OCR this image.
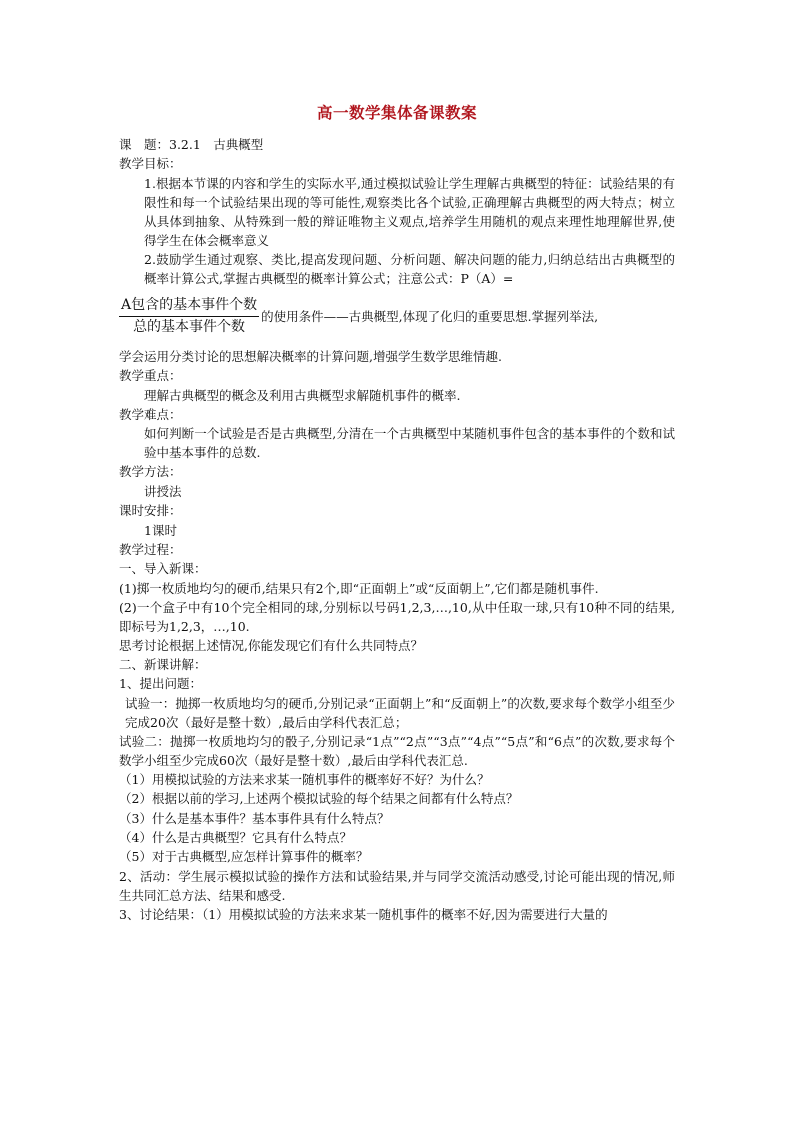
高一数学集体备课教案
课　题：3.2.1　古典概型
教学目标：
1.根据本节课的内容和学生的实际水平,通过模拟试验让学生理解古典概型的特征：试验结果的有限性和每一个试验结果出现的等可能性,观察类比各个试验,正确理解古典概型的两大特点；树立从具体到抽象、从特殊到一般的辩证唯物主义观点,培养学生用随机的观点来理性地理解世界,使得学生在体会概率意义
2.鼓励学生通过观察、类比,提高发现问题、分析问题、解决问题的能力,归纳总结出古典概型的概率计算公式,掌握古典概型的概率计算公式；注意公式：P（A）=
$\frac{\text{A包含的基本事件个数}}{\text{总的基本事件个数}}$ 的使用条件——古典概型,体现了化归的重要思想.掌握列举法,
学会运用分类讨论的思想解决概率的计算问题,增强学生数学思维情趣.
教学重点：
理解古典概型的概念及利用古典概型求解随机事件的概率.
教学难点：
如何判断一个试验是否是古典概型,分清在一个古典概型中某随机事件包含的基本事件的个数和试验中基本事件的总数.
教学方法：
讲授法
课时安排：
1课时
教学过程：
一、导入新课：
(1)掷一枚质地均匀的硬币,结果只有2个,即“正面朝上”或“反面朝上”,它们都是随机事件.
(2)一个盒子中有10个完全相同的球,分别标以号码1,2,3,…,10,从中任取一球,只有10种不同的结果,即标号为1,2,3，…,10.
思考讨论根据上述情况,你能发现它们有什么共同特点？
二、新课讲解：
1、提出问题：
试验一：抛掷一枚质地均匀的硬币,分别记录“正面朝上”和“反面朝上”的次数,要求每个数学小组至少完成20次（最好是整十数）,最后由学科代表汇总；
试验二：抛掷一枚质地均匀的骰子,分别记录“1点”“2点”“3点”“4点”“5点”和“6点”的次数,要求每个数学小组至少完成60次（最好是整十数）,最后由学科代表汇总.
（1）用模拟试验的方法来求某一随机事件的概率好不好？为什么？
（2）根据以前的学习,上述两个模拟试验的每个结果之间都有什么特点？
（3）什么是基本事件？基本事件具有什么特点？
（4）什么是古典概型？它具有什么特点？
（5）对于古典概型,应怎样计算事件的概率？
2、活动：学生展示模拟试验的操作方法和试验结果,并与同学交流活动感受,讨论可能出现的情况,师生共同汇总方法、结果和感受.
3、讨论结果：（1）用模拟试验的方法来求某一随机事件的概率不好,因为需要进行大量的
